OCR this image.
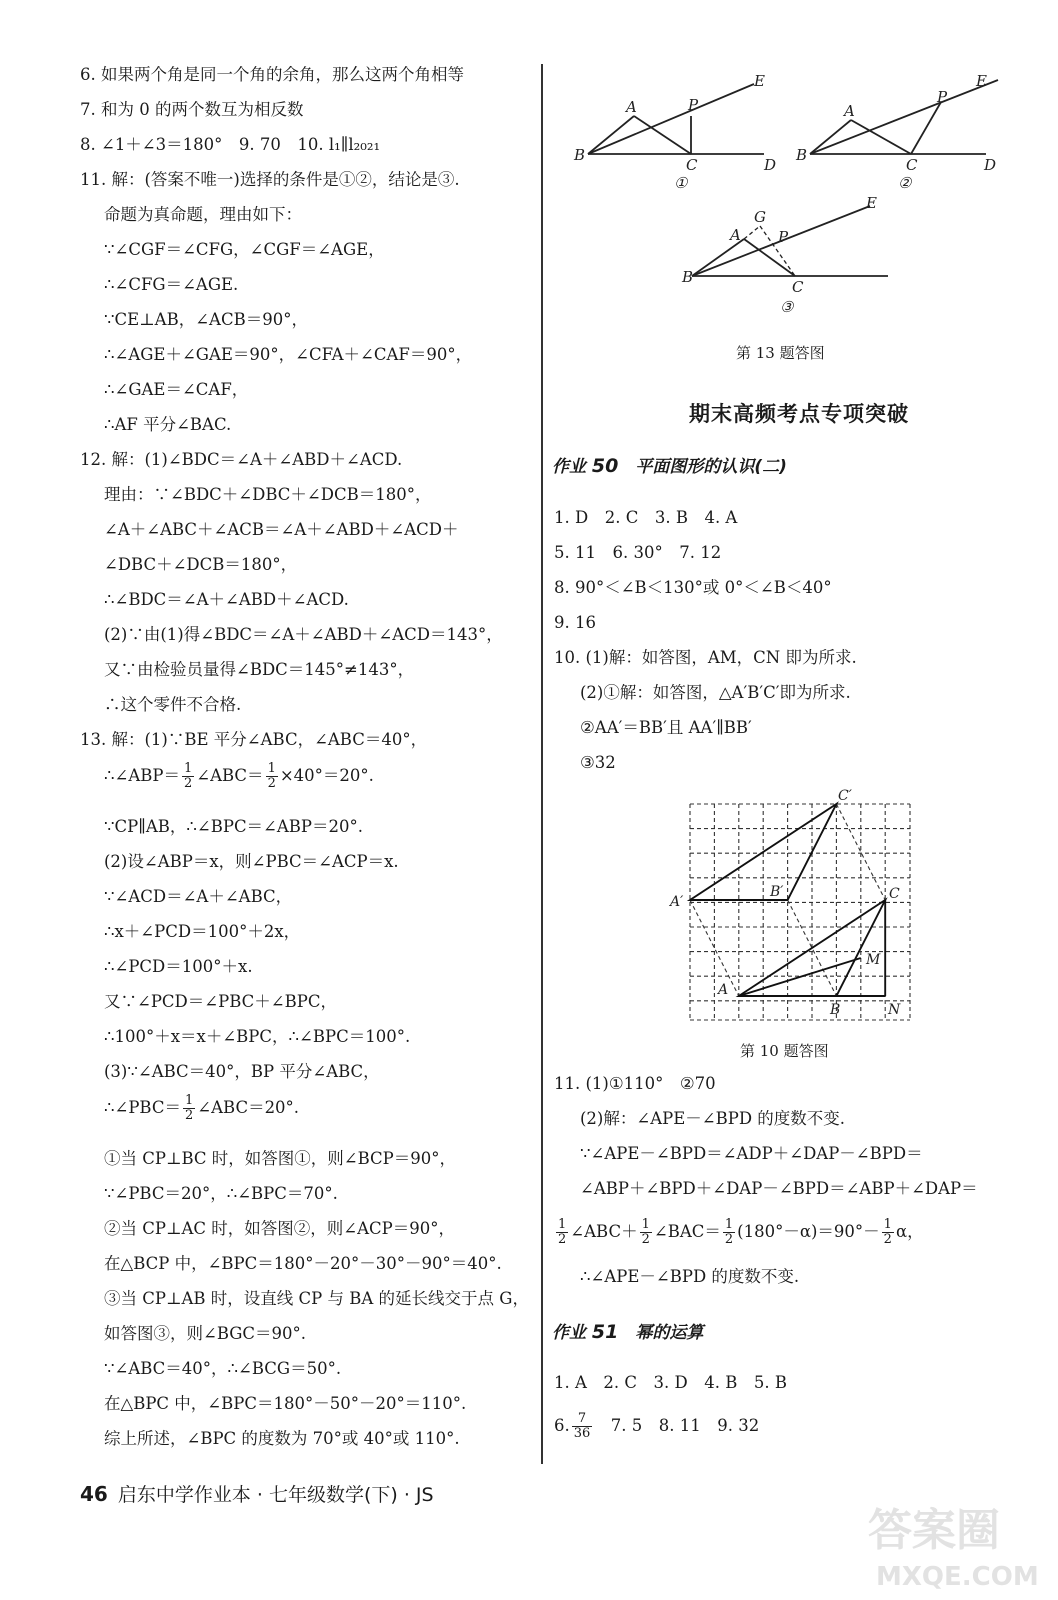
6. 如果两个角是同一个角的余角，那么这两个角相等
7. 和为 0 的两个数互为相反数
8. ∠1＋∠3＝180°　9. 70　10. l₁∥l₂₀₂₁
11. 解：(答案不唯一)选择的条件是①②，结论是③.
命题为真命题，理由如下：
∵∠CGF＝∠CFG，∠CGF＝∠AGE，
∴∠CFG＝∠AGE.
∵CE⊥AB，∠ACB＝90°，
∴∠AGE＋∠GAE＝90°，∠CFA＋∠CAF＝90°，
∴∠GAE＝∠CAF，
∴AF 平分∠BAC.
12. 解：(1)∠BDC＝∠A＋∠ABD＋∠ACD.
理由：∵∠BDC＋∠DBC＋∠DCB＝180°，
∠A＋∠ABC＋∠ACB＝∠A＋∠ABD＋∠ACD＋
∠DBC＋∠DCB＝180°，
∴∠BDC＝∠A＋∠ABD＋∠ACD.
(2)∵由(1)得∠BDC＝∠A＋∠ABD＋∠ACD＝143°，
又∵由检验员量得∠BDC＝145°≠143°，
∴这个零件不合格.
13. 解：(1)∵BE 平分∠ABC，∠ABC＝40°，
∵CP∥AB，∴∠BPC＝∠ABP＝20°.
(2)设∠ABP＝x，则∠PBC＝∠ACP＝x.
∵∠ACD＝∠A＋∠ABC，
∴x＋∠PCD＝100°＋2x，
∴∠PCD＝100°＋x.
又∵∠PCD＝∠PBC＋∠BPC，
∴100°＋x＝x＋∠BPC，∴∠BPC＝100°.
(3)∵∠ABC＝40°，BP 平分∠ABC，
①当 CP⊥BC 时，如答图①，则∠BCP＝90°，
∵∠PBC＝20°，∴∠BPC＝70°.
②当 CP⊥AC 时，如答图②，则∠ACP＝90°，
在△BCP 中，∠BPC＝180°－20°－30°－90°＝40°.
③当 CP⊥AB 时，设直线 CP 与 BA 的延长线交于点 G，
如答图③，则∠BGC＝90°.
∵∠ABC＝40°，∴∠BCG＝50°.
在△BPC 中，∠BPC＝180°－50°－20°＝110°.
综上所述，∠BPC 的度数为 70°或 40°或 110°.
∴∠ABP＝ $\frac{1}{2}$ ∠ABC＝ $\frac{1}{2} \times 40^\circ=20^\circ$.
∴∠PBC＝ $\frac{1}{2}$ ∠ABC＝20°.
A	P
E
B
C	D
①
A
P
E
B
C	D
②
G
A P
E
B
C
③
第 13 题答图
期末高频考点专项突破
作业 50　 平面图形的认识(二)
1. D　2. C　3. B　4. A
5. 11　6. 30°　7. 12
8. 90°＜∠B＜130°或 0°＜∠B＜40°
9. 16
10. (1)解：如答图，AM，CN 即为所求.
(2)①解：如答图，△A′B′C′即为所求.
②AA′＝BB′且 AA′∥BB′
③32
11. (1)①110°　②70
(2)解：∠APE－∠BPD 的度数不变.
∵∠APE－∠BPD＝∠ADP＋∠DAP－∠BPD＝
∠ABP＋∠BPD＋∠DAP－∠BPD＝∠ABP＋∠DAP＝
∴∠APE－∠BPD 的度数不变.
1. A　2. C　3. D　4. B　5. B
C′
A′
B′	C
M
A
B	N
第 10 题答图
$\frac{1}{2}$ ∠ABC＋ $\frac{1}{2}$ ∠BAC＝ $\frac{1}{2} (180^\circ-\alpha)=90^\circ- \frac{1}{2}$ α，
作业 51　 幂的运算
6. $\frac{7}{36}$ 　7. 5　8. 11　9. 32
46 启东中学作业本 · 七年级数学(下) · JS
答案圈
MXQE.COM
